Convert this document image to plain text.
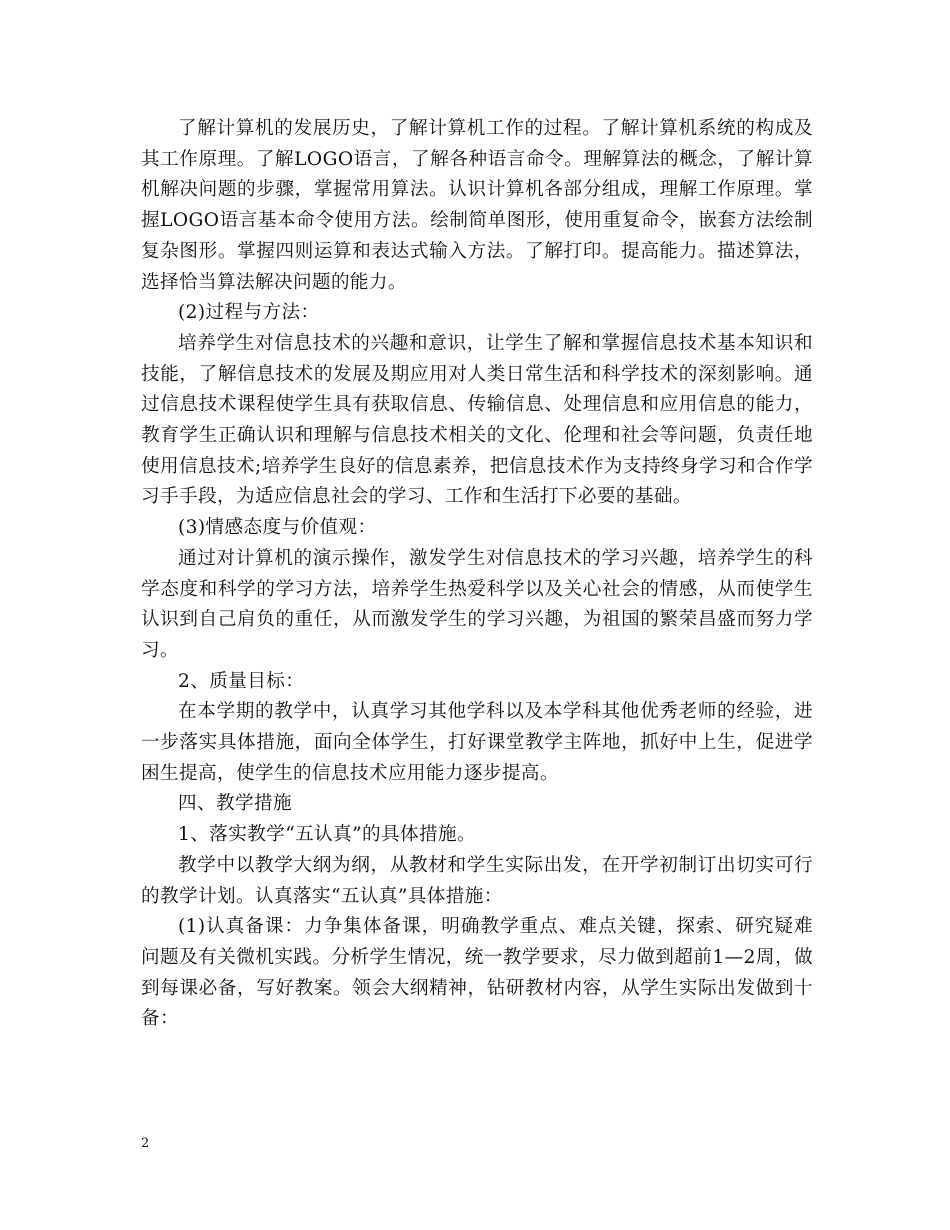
了解计算机的发展历史，了解计算机工作的过程。了解计算机系统的构成及其工作原理。了解LOGO语言，了解各种语言命令。理解算法的概念，了解计算机解决问题的步骤，掌握常用算法。认识计算机各部分组成，理解工作原理。掌握LOGO语言基本命令使用方法。绘制简单图形，使用重复命令，嵌套方法绘制复杂图形。掌握四则运算和表达式输入方法。了解打印。提高能力。描述算法，选择恰当算法解决问题的能力。

(2)过程与方法：

培养学生对信息技术的兴趣和意识，让学生了解和掌握信息技术基本知识和技能，了解信息技术的发展及期应用对人类日常生活和科学技术的深刻影响。通过信息技术课程使学生具有获取信息、传输信息、处理信息和应用信息的能力，教育学生正确认识和理解与信息技术相关的文化、伦理和社会等问题，负责任地使用信息技术;培养学生良好的信息素养，把信息技术作为支持终身学习和合作学习手手段，为适应信息社会的学习、工作和生活打下必要的基础。

(3)情感态度与价值观：

通过对计算机的演示操作，激发学生对信息技术的学习兴趣，培养学生的科学态度和科学的学习方法，培养学生热爱科学以及关心社会的情感，从而使学生认识到自己肩负的重任，从而激发学生的学习兴趣，为祖国的繁荣昌盛而努力学习。

2、质量目标：

在本学期的教学中，认真学习其他学科以及本学科其他优秀老师的经验，进一步落实具体措施，面向全体学生，打好课堂教学主阵地，抓好中上生，促进学困生提高，使学生的信息技术应用能力逐步提高。

四、教学措施

1、落实教学“五认真”的具体措施。

教学中以教学大纲为纲，从教材和学生实际出发，在开学初制订出切实可行的教学计划。认真落实“五认真”具体措施：

(1)认真备课：力争集体备课，明确教学重点、难点关键，探索、研究疑难问题及有关微机实践。分析学生情况，统一教学要求，尽力做到超前1—2周，做到每课必备，写好教案。领会大纲精神，钻研教材内容，从学生实际出发做到十备：

2
